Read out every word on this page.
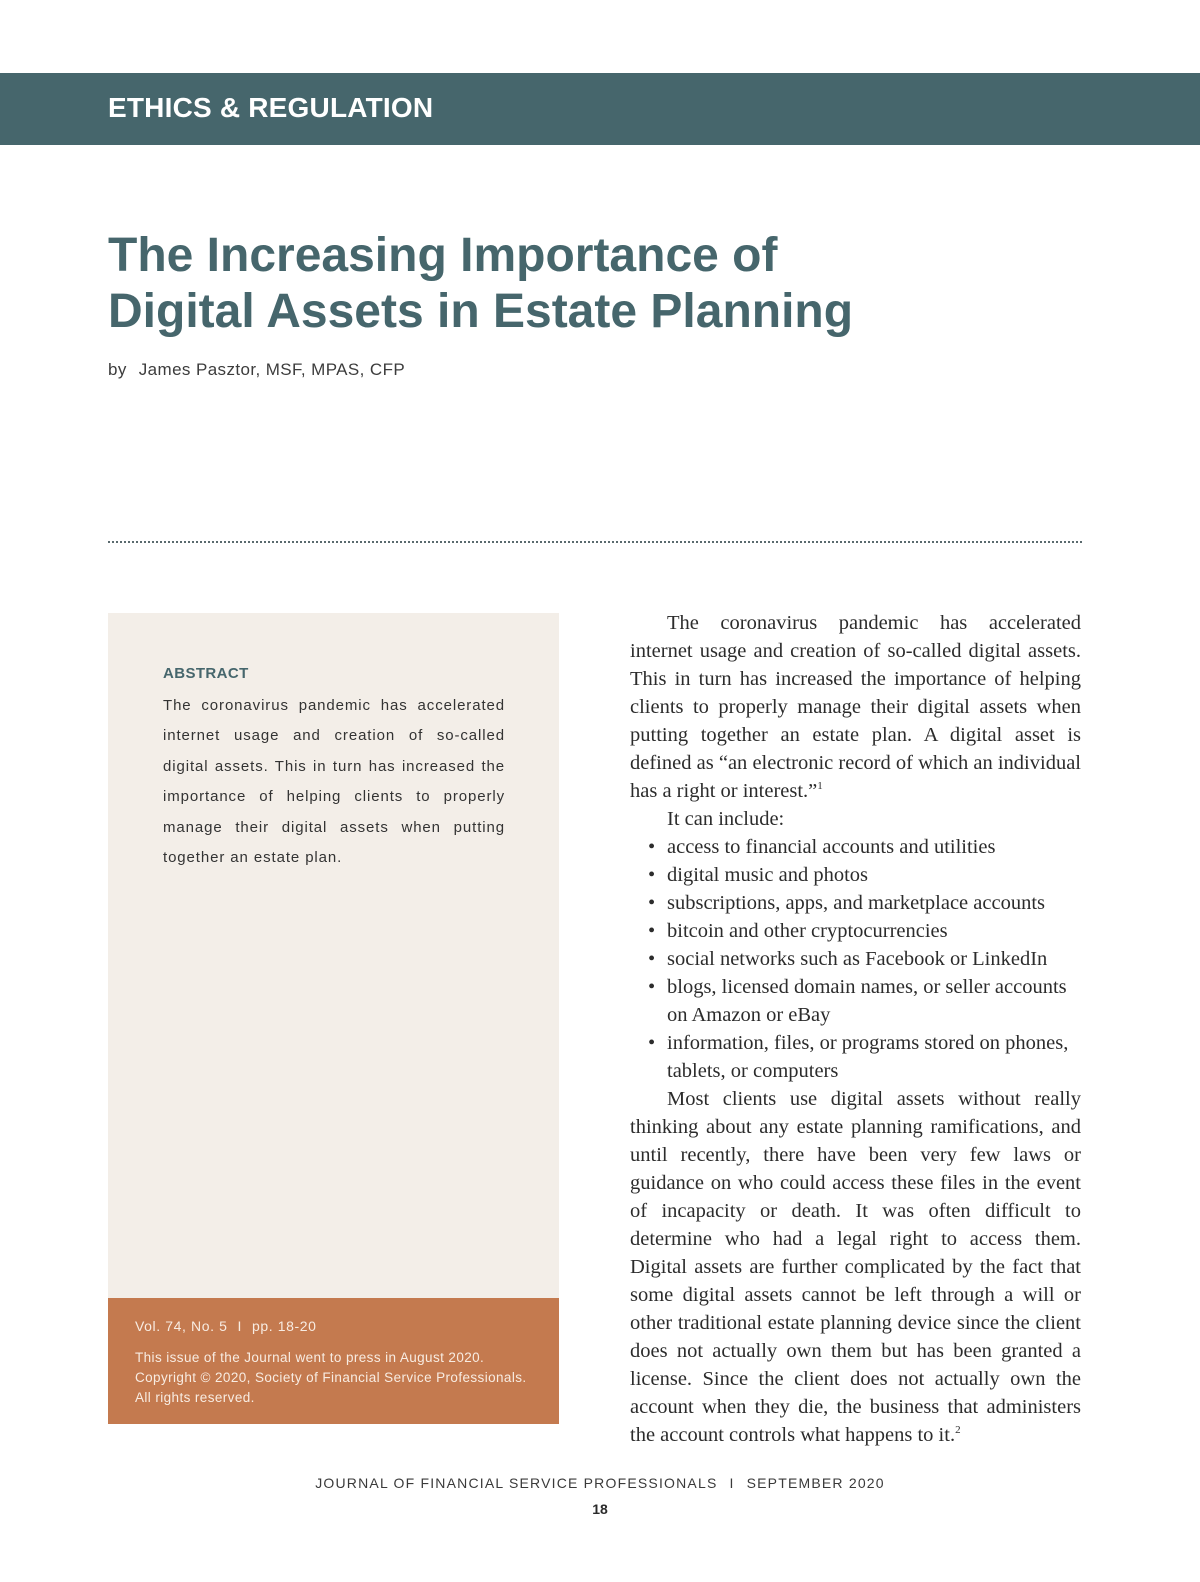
ETHICS & REGULATION
The Increasing Importance of
Digital Assets in Estate Planning
by James Pasztor, MSF, MPAS, CFP
ABSTRACT

The coronavirus pandemic has accelerated internet usage and creation of so-called digital assets. This in turn has increased the importance of helping clients to properly manage their digital assets when putting together an estate plan.

Vol. 74, No. 5 I pp. 18-20

This issue of the Journal went to press in August 2020.
Copyright © 2020, Society of Financial Service Professionals.
All rights reserved.

The coronavirus pandemic has accelerated internet usage and creation of so-called digital assets. This in turn has increased the importance of helping clients to properly manage their digital assets when putting together an estate plan. A digital asset is defined as “an electronic record of which an individual has a right or interest.”$^1$

It can include:

• access to financial accounts and utilities
• digital music and photos
• subscriptions, apps, and marketplace accounts
• bitcoin and other cryptocurrencies
• social networks such as Facebook or LinkedIn
• blogs, licensed domain names, or seller accounts on Amazon or eBay
• information, files, or programs stored on phones, tablets, or computers

Most clients use digital assets without really thinking about any estate planning ramifications, and until recently, there have been very few laws or guidance on who could access these files in the event of incapacity or death. It was often difficult to determine who had a legal right to access them. Digital assets are further complicated by the fact that some digital assets cannot be left through a will or other traditional estate planning device since the client does not actually own them but has been granted a license. Since the client does not actually own the account when they die, the business that administers the account controls what happens to it.$^2$

JOURNAL OF FINANCIAL SERVICE PROFESSIONALS I SEPTEMBER 2020
18
